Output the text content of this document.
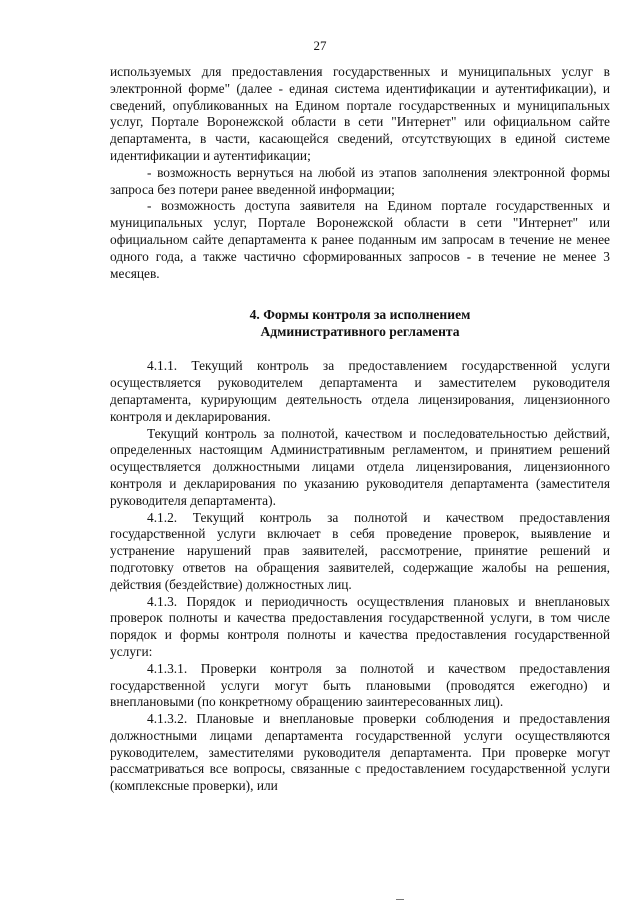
27

используемых для предоставления государственных и муниципальных услуг в электронной форме" (далее - единая система идентификации и аутентификации), и сведений, опубликованных на Едином портале государственных и муниципальных услуг, Портале Воронежской области в сети "Интернет" или официальном сайте департамента, в части, касающейся сведений, отсутствующих в единой системе идентификации и аутентификации;

- возможность вернуться на любой из этапов заполнения электронной формы запроса без потери ранее введенной информации;

- возможность доступа заявителя на Едином портале государственных и муниципальных услуг, Портале Воронежской области в сети "Интернет" или официальном сайте департамента к ранее поданным им запросам в течение не менее одного года, а также частично сформированных запросов - в течение не менее 3 месяцев.

4. Формы контроля за исполнением

Административного регламента

4.1.1. Текущий контроль за предоставлением государственной услуги осуществляется руководителем департамента и заместителем руководителя департамента, курирующим деятельность отдела лицензирования, лицензионного контроля и декларирования.

Текущий контроль за полнотой, качеством и последовательностью действий, определенных настоящим Административным регламентом, и принятием решений осуществляется должностными лицами отдела лицензирования, лицензионного контроля и декларирования по указанию руководителя департамента (заместителя руководителя департамента).

4.1.2. Текущий контроль за полнотой и качеством предоставления государственной услуги включает в себя проведение проверок, выявление и устранение нарушений прав заявителей, рассмотрение, принятие решений и подготовку ответов на обращения заявителей, содержащие жалобы на решения, действия (бездействие) должностных лиц.

4.1.3. Порядок и периодичность осуществления плановых и внеплановых проверок полноты и качества предоставления государственной услуги, в том числе порядок и формы контроля полноты и качества предоставления государственной услуги:

4.1.3.1. Проверки контроля за полнотой и качеством предоставления государственной услуги могут быть плановыми (проводятся ежегодно) и внеплановыми (по конкретному обращению заинтересованных лиц).

4.1.3.2. Плановые и внеплановые проверки соблюдения и предоставления должностными лицами департамента государственной услуги осуществляются руководителем, заместителями руководителя департамента. При проверке могут рассматриваться все вопросы, связанные с предоставлением государственной услуги (комплексные проверки), или
